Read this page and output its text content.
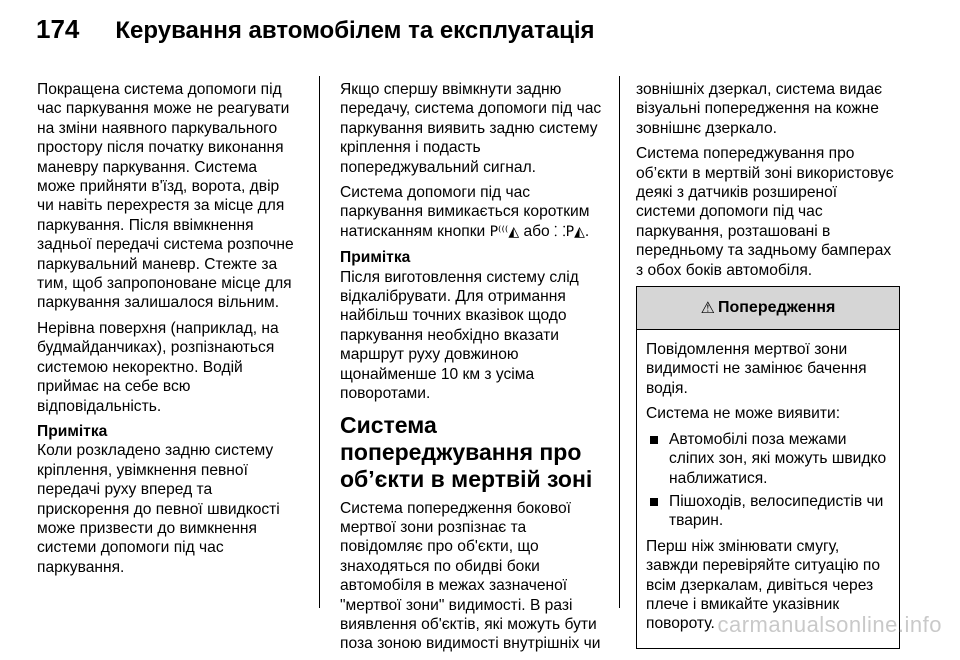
174 Керування автомобілем та експлуатація

Покращена система допомоги під час паркування може не реагувати на зміни наявного паркувального простору після початку виконання маневру паркування. Система може прийняти в'їзд, ворота, двір чи навіть перехрестя за місце для паркування. Після ввімкнення задньої передачі система розпочне паркувальний маневр. Стежте за тим, щоб запропоноване місце для паркування залишалося вільним.

Нерівна поверхня (наприклад, на будмайданчиках), розпізнаються системою некоректно. Водій приймає на себе всю відповідальність.

Примітка

Коли розкладено задню систему кріплення, увімкнення певної передачі руху вперед та прискорення до певної швидкості може призвести до вимкнення системи допомоги під час паркування.

Якщо спершу ввімкнути задню передачу, система допомоги під час паркування виявить задню систему кріплення і подасть попереджувальний сигнал.

Система допомоги під час паркування вимикається коротким натисканням кнопки P⁽⁽⁽◭ або ⸬P◭.

Примітка

Після виготовлення систему слід відкалібрувати. Для отримання найбільш точних вказівок щодо паркування необхідно вказати маршрут руху довжиною щонайменше 10 км з усіма поворотами.

Система попереджування про об’єкти в мертвій зоні

Система попередження бокової мертвої зони розпізнає та повідомляє про об'єкти, що знаходяться по обидві боки автомобіля в межах зазначеної "мертвої зони" видимості. В разі виявлення об'єктів, які можуть бути поза зоною видимості внутрішніх чи

зовнішніх дзеркал, система видає візуальні попередження на кожне зовнішнє дзеркало.

Система попереджування про об’єкти в мертвій зоні використовує деякі з датчиків розширеної системи допомоги під час паркування, розташовані в передньому та задньому бамперах з обох боків автомобіля.

⚠ Попередження

Повідомлення мертвої зони видимості не замінює бачення водія.

Система не може виявити:

Автомобілі поза межами сліпих зон, які можуть швидко наближатися.
Пішоходів, велосипедистів чи тварин.

Перш ніж змінювати смугу, завжди перевіряйте ситуацію по всім дзеркалам, дивіться через плече і вмикайте указівник повороту. carmanualsonline.info
